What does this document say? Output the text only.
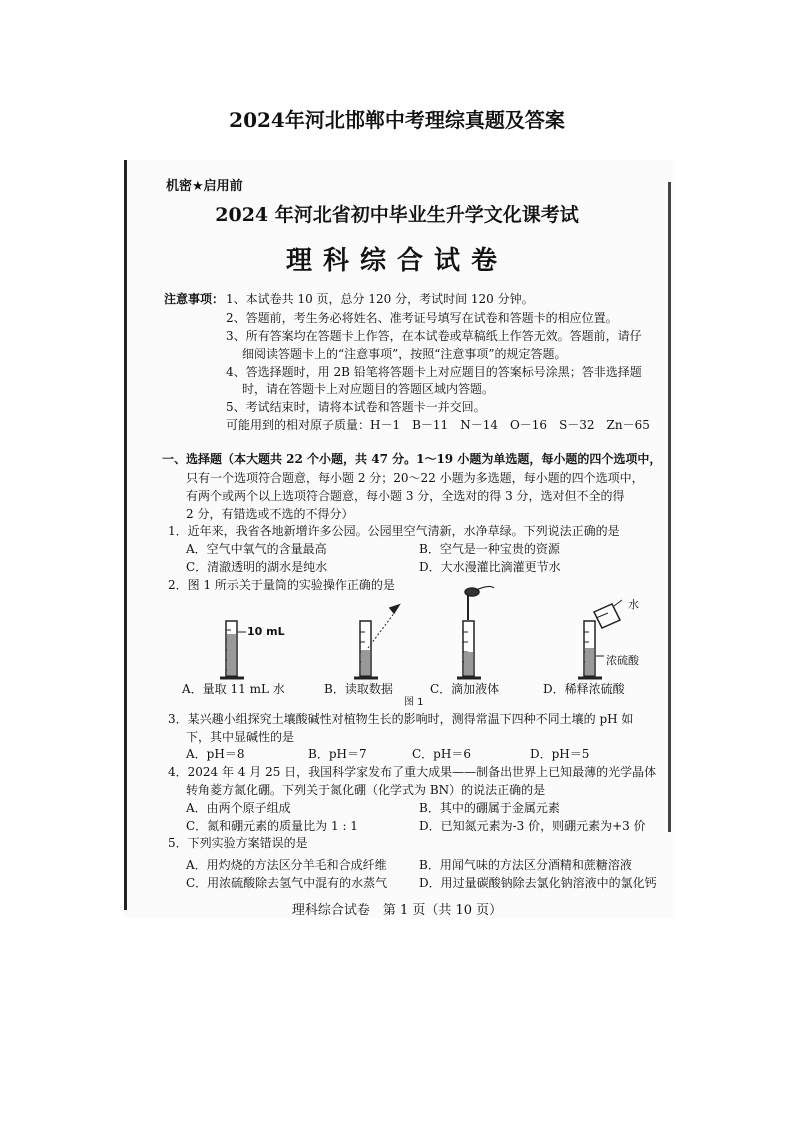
2024年河北邯郸中考理综真题及答案
机密★启用前
2024 年河北省初中毕业生升学文化课考试
理科综合试卷
注意事项： 1、本试卷共 10 页，总分 120 分，考试时间 120 分钟。
2、答题前，考生务必将姓名、准考证号填写在试卷和答题卡的相应位置。
3、所有答案均在答题卡上作答，在本试卷或草稿纸上作答无效。答题前，请仔
细阅读答题卡上的“注意事项”，按照“注意事项”的规定答题。
4、答选择题时，用 2B 铅笔将答题卡上对应题目的答案标号涂黑；答非选择题
时，请在答题卡上对应题目的答题区域内答题。
5、考试结束时，请将本试卷和答题卡一并交回。
可能用到的相对原子质量：H－1　B－11　N－14　O－16　S－32　Zn－65
一、选择题（本大题共 22 个小题，共 47 分。1～19 小题为单选题，每小题的四个选项中，
只有一个选项符合题意，每小题 2 分；20～22 小题为多选题，每小题的四个选项中，
有两个或两个以上选项符合题意，每小题 3 分，全选对的得 3 分，选对但不全的得
2 分，有错选或不选的不得分）
1．近年来，我省各地新增许多公园。公园里空气清新，水净草绿。下列说法正确的是
A．空气中氧气的含量最高	B．空气是一种宝贵的资源
C．清澈透明的湖水是纯水	D．大水漫灌比滴灌更节水
2．图 1 所示关于量筒的实验操作正确的是
10 mL
水
浓硫酸
A．量取 11 mL 水	B．读取数据	C．滴加液体	D．稀释浓硫酸
图 1
3．某兴趣小组探究土壤酸碱性对植物生长的影响时，测得常温下四种不同土壤的 pH 如
下，其中显碱性的是
A．pH＝8	B．pH＝7	C．pH＝6	D．pH＝5
4．2024 年 4 月 25 日，我国科学家发布了重大成果——制备出世界上已知最薄的光学晶体
转角菱方氮化硼。下列关于氮化硼（化学式为 BN）的说法正确的是
A．由两个原子组成	B．其中的硼属于金属元素
C．氮和硼元素的质量比为 1 : 1	D．已知氮元素为-3 价，则硼元素为+3 价
5．下列实验方案错误的是
A．用灼烧的方法区分羊毛和合成纤维	B．用闻气味的方法区分酒精和蔗糖溶液
C．用浓硫酸除去氢气中混有的水蒸气	D．用过量碳酸钠除去氯化钠溶液中的氯化钙
理科综合试卷　第 1 页（共 10 页）
